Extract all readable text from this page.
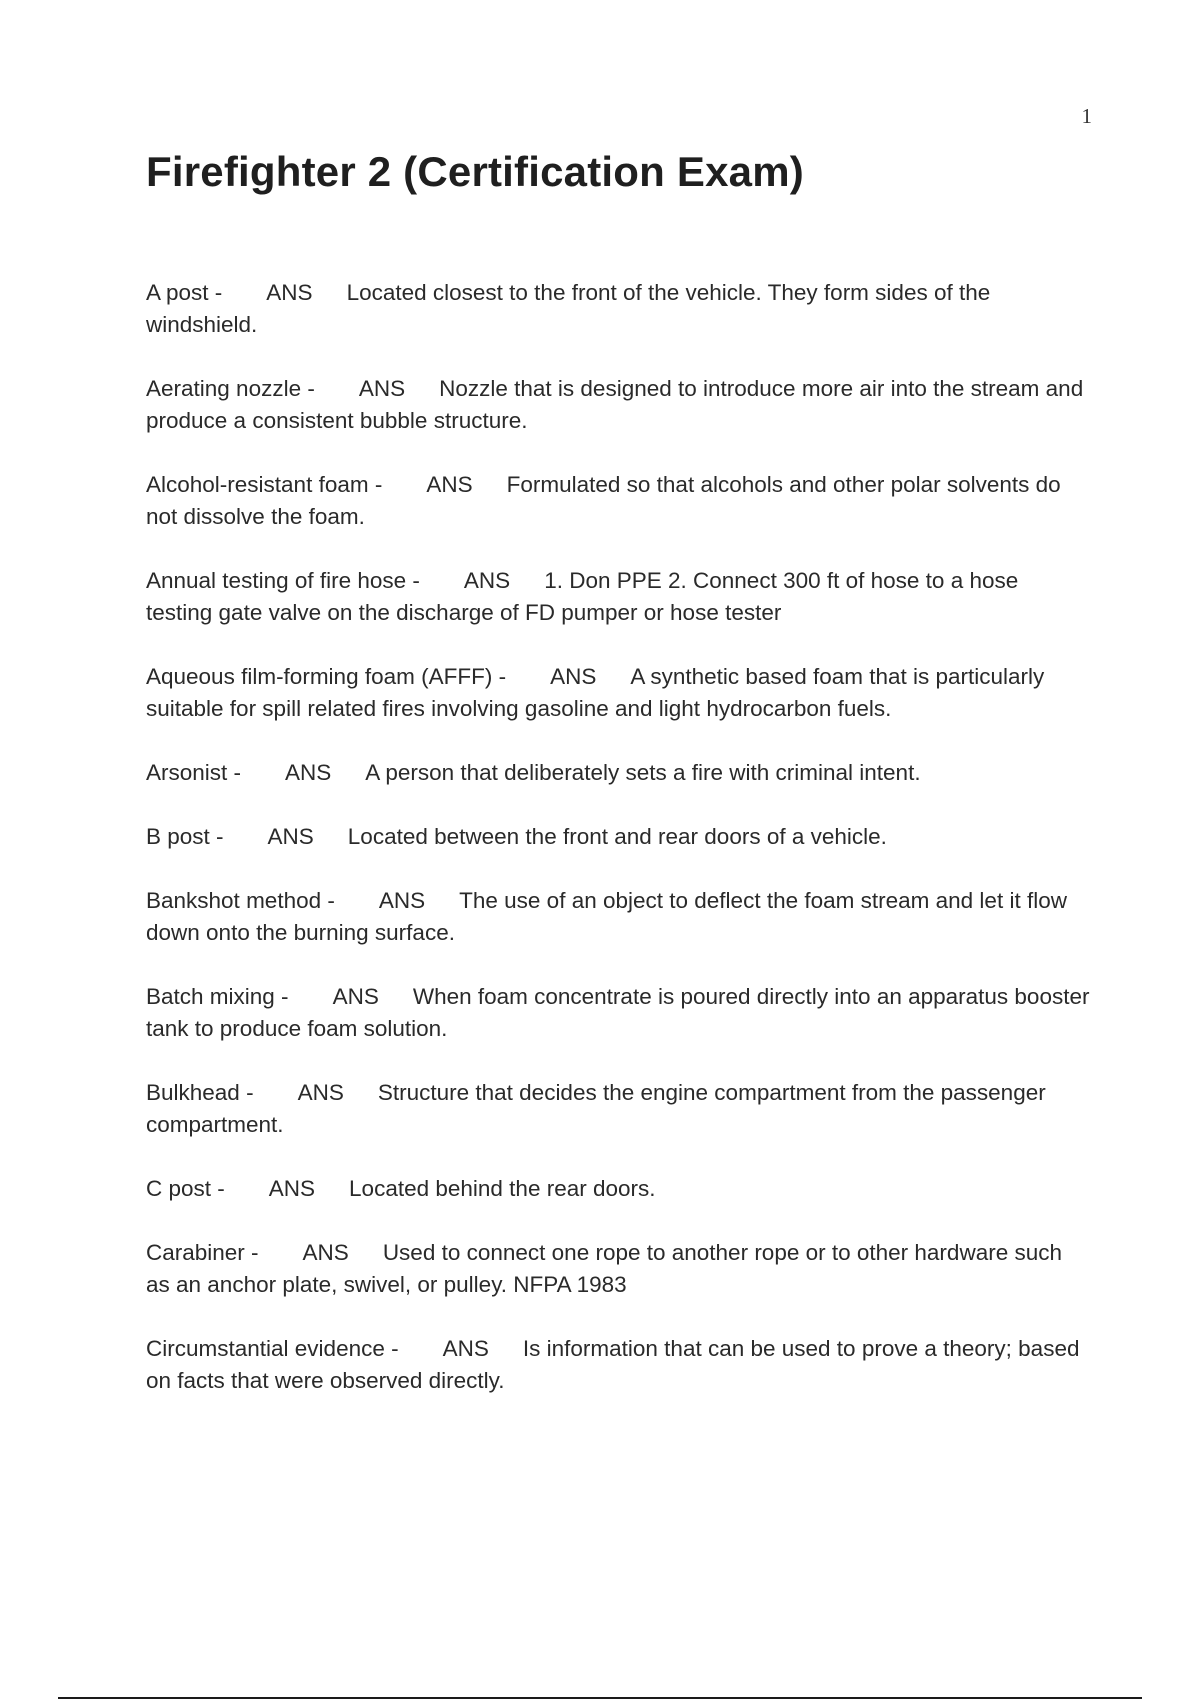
1
Firefighter 2 (Certification Exam)

A post - ANS Located closest to the front of the vehicle. They form sides of the windshield.

Aerating nozzle - ANS Nozzle that is designed to introduce more air into the stream and produce a consistent bubble structure.

Alcohol-resistant foam - ANS Formulated so that alcohols and other polar solvents do not dissolve the foam.

Annual testing of fire hose - ANS 1. Don PPE 2. Connect 300 ft of hose to a hose testing gate valve on the discharge of FD pumper or hose tester

Aqueous film-forming foam (AFFF) - ANS A synthetic based foam that is particularly suitable for spill related fires involving gasoline and light hydrocarbon fuels.

Arsonist - ANS A person that deliberately sets a fire with criminal intent.

B post - ANS Located between the front and rear doors of a vehicle.

Bankshot method - ANS The use of an object to deflect the foam stream and let it flow down onto the burning surface.

Batch mixing - ANS When foam concentrate is poured directly into an apparatus booster tank to produce foam solution.

Bulkhead - ANS Structure that decides the engine compartment from the passenger compartment.

C post - ANS Located behind the rear doors.

Carabiner - ANS Used to connect one rope to another rope or to other hardware such as an anchor plate, swivel, or pulley. NFPA 1983

Circumstantial evidence - ANS Is information that can be used to prove a theory; based on facts that were observed directly.
